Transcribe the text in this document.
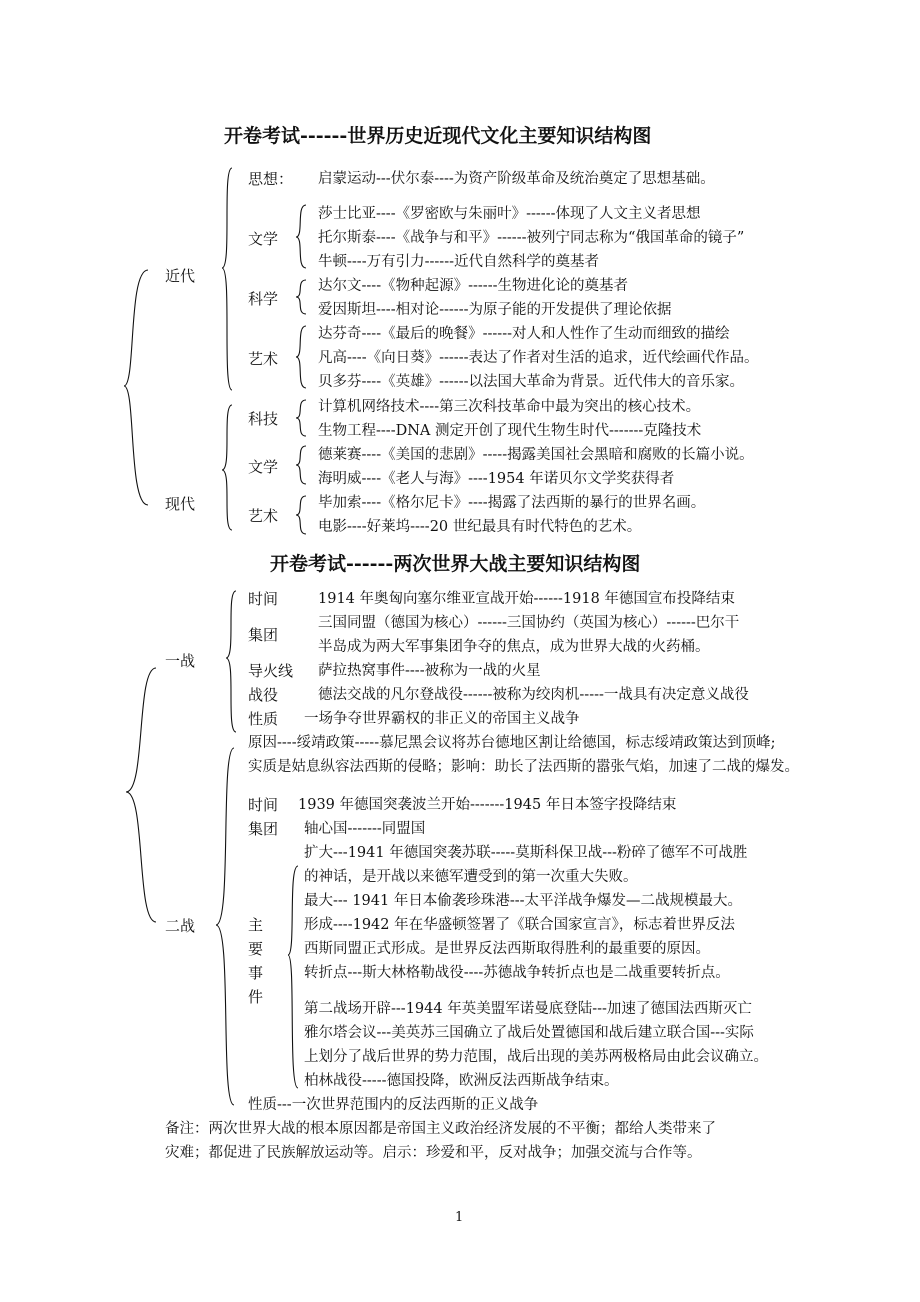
开卷考试------世界历史近现代文化主要知识结构图
近代
现代
思想： 启蒙运动---伏尔泰----为资产阶级革命及统治奠定了思想基础。
文学
莎士比亚----《罗密欧与朱丽叶》------体现了人文主义者思想
托尔斯泰----《战争与和平》------被列宁同志称为“俄国革命的镜子”
牛顿----万有引力------近代自然科学的奠基者
科学
达尔文----《物种起源》------生物进化论的奠基者
爱因斯坦----相对论------为原子能的开发提供了理论依据
艺术
达芬奇----《最后的晚餐》------对人和人性作了生动而细致的描绘
凡高----《向日葵》------表达了作者对生活的追求，近代绘画代作品。
贝多芬----《英雄》------以法国大革命为背景。近代伟大的音乐家。
科技
计算机网络技术----第三次科技革命中最为突出的核心技术。
生物工程----DNA 测定开创了现代生物生时代-------克隆技术
文学
德莱赛----《美国的悲剧》-----揭露美国社会黑暗和腐败的长篇小说。
海明威----《老人与海》----1954 年诺贝尔文学奖获得者
艺术
毕加索----《格尔尼卡》----揭露了法西斯的暴行的世界名画。
电影----好莱坞----20 世纪最具有时代特色的艺术。
开卷考试------两次世界大战主要知识结构图
一战
二战
时间	1914 年奥匈向塞尔维亚宣战开始------1918 年德国宣布投降结束
集团
三国同盟（德国为核心）------三国协约（英国为核心）------巴尔干
半岛成为两大军事集团争夺的焦点，成为世界大战的火药桶。
导火线 萨拉热窝事件----被称为一战的火星
战役	德法交战的凡尔登战役------被称为绞肉机-----一战具有决定意义战役
性质 一场争夺世界霸权的非正义的帝国主义战争
原因----绥靖政策-----慕尼黑会议将苏台德地区割让给德国，标志绥靖政策达到顶峰;
实质是姑息纵容法西斯的侵略；影响：助长了法西斯的嚣张气焰，加速了二战的爆发。
时间 1939 年德国突袭波兰开始-------1945 年日本签字投降结束
集团 轴心国-------同盟国
主
要
事
件
扩大---1941 年德国突袭苏联-----莫斯科保卫战---粉碎了德军不可战胜
的神话，是开战以来德军遭受到的第一次重大失败。
最大--- 1941 年日本偷袭珍珠港---太平洋战争爆发—二战规模最大。
形成----1942 年在华盛顿签署了《联合国家宣言》，标志着世界反法
西斯同盟正式形成。是世界反法西斯取得胜利的最重要的原因。
转折点---斯大林格勒战役----苏德战争转折点也是二战重要转折点。
第二战场开辟---1944 年英美盟军诺曼底登陆---加速了德国法西斯灭亡
雅尔塔会议---美英苏三国确立了战后处置德国和战后建立联合国---实际
上划分了战后世界的势力范围，战后出现的美苏两极格局由此会议确立。
柏林战役-----德国投降，欧洲反法西斯战争结束。
性质---一次世界范围内的反法西斯的正义战争
备注：两次世界大战的根本原因都是帝国主义政治经济发展的不平衡；都给人类带来了
灾难；都促进了民族解放运动等。启示：珍爱和平，反对战争；加强交流与合作等。
1
